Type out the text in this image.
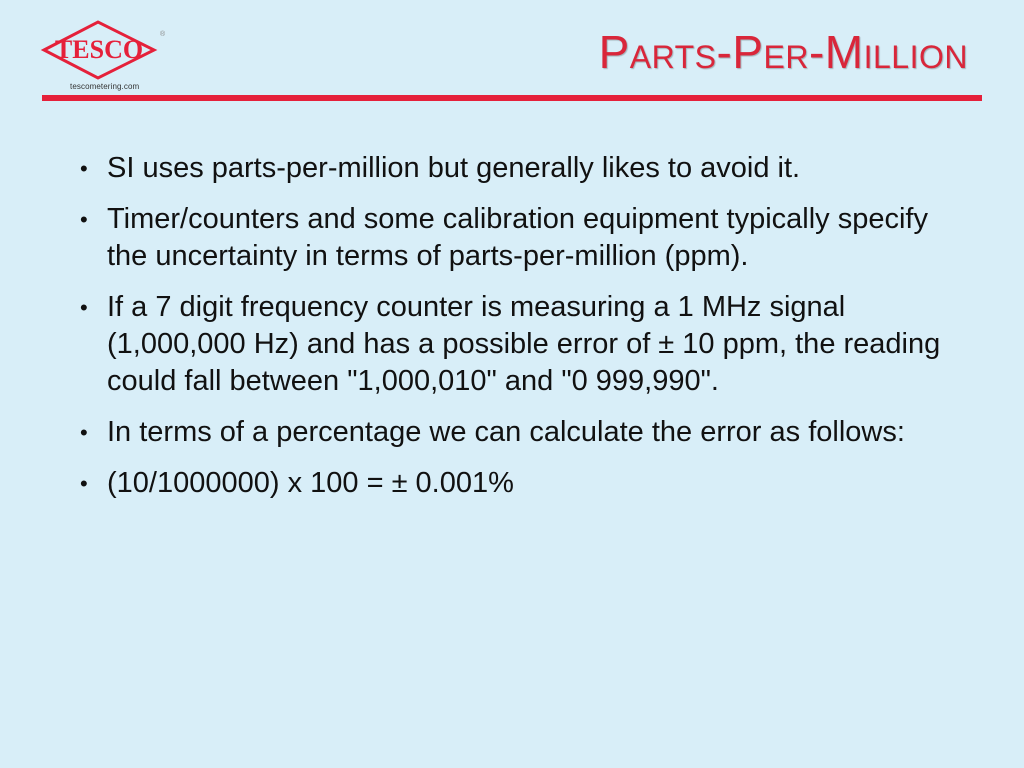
TESCO
®
tescometering.com
Parts-Per-Million
• SI uses parts-per-million but generally likes to avoid it.
• Timer/counters and some calibration equipment typically specify the uncertainty in terms of parts-per-million (ppm).
• If a 7 digit frequency counter is measuring a 1 MHz signal (1,000,000 Hz) and has a possible error of ± 10 ppm, the reading could fall between "1,000,010" and "0 999,990".
• In terms of a percentage we can calculate the error as follows:
• (10/1000000) x 100 = ± 0.001%
